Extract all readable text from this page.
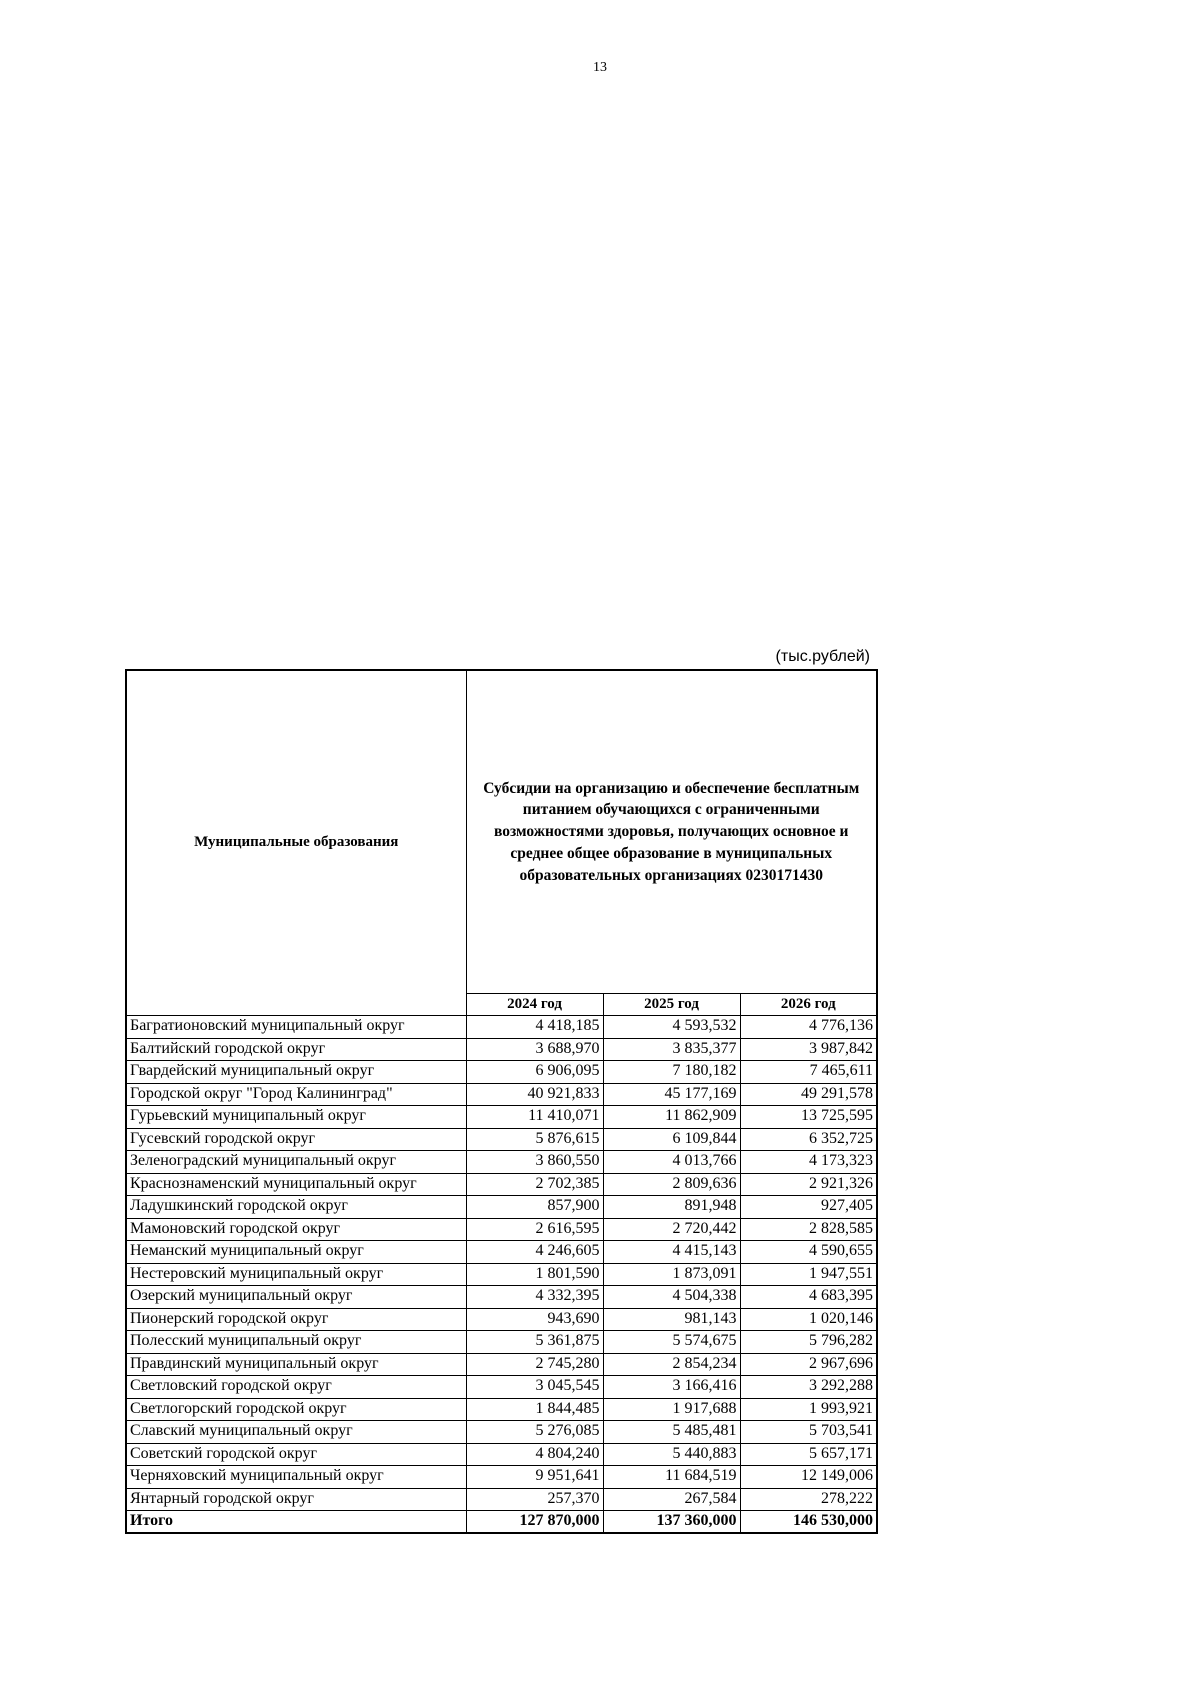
13
(тыс.рублей)
Муниципальные образования	Субсидии на организацию и обеспечение бесплатным питанием обучающихся с ограниченными возможностями здоровья, получающих основное и среднее общее образование в муниципальных образовательных организациях 0230171430		
	2024 год	2025 год	2026 год
Багратионовский муниципальный округ	4 418,185	4 593,532	4 776,136
Балтийский городской округ	3 688,970	3 835,377	3 987,842
Гвардейский муниципальный округ	6 906,095	7 180,182	7 465,611
Городской округ "Город Калининград"	40 921,833	45 177,169	49 291,578
Гурьевский муниципальный округ	11 410,071	11 862,909	13 725,595
Гусевский городской округ	5 876,615	6 109,844	6 352,725
Зеленоградский муниципальный округ	3 860,550	4 013,766	4 173,323
Краснознаменский муниципальный округ	2 702,385	2 809,636	2 921,326
Ладушкинский городской округ	857,900	891,948	927,405
Мамоновский городской округ	2 616,595	2 720,442	2 828,585
Неманский муниципальный округ	4 246,605	4 415,143	4 590,655
Нестеровский муниципальный округ	1 801,590	1 873,091	1 947,551
Озерский муниципальный округ	4 332,395	4 504,338	4 683,395
Пионерский городской округ	943,690	981,143	1 020,146
Полесский муниципальный округ	5 361,875	5 574,675	5 796,282
Правдинский муниципальный округ	2 745,280	2 854,234	2 967,696
Светловский городской округ	3 045,545	3 166,416	3 292,288
Светлогорский городской округ	1 844,485	1 917,688	1 993,921
Славский муниципальный округ	5 276,085	5 485,481	5 703,541
Советский городской округ	4 804,240	5 440,883	5 657,171
Черняховский муниципальный округ	9 951,641	11 684,519	12 149,006
Янтарный городской округ	257,370	267,584	278,222
Итого	127 870,000	137 360,000	146 530,000
